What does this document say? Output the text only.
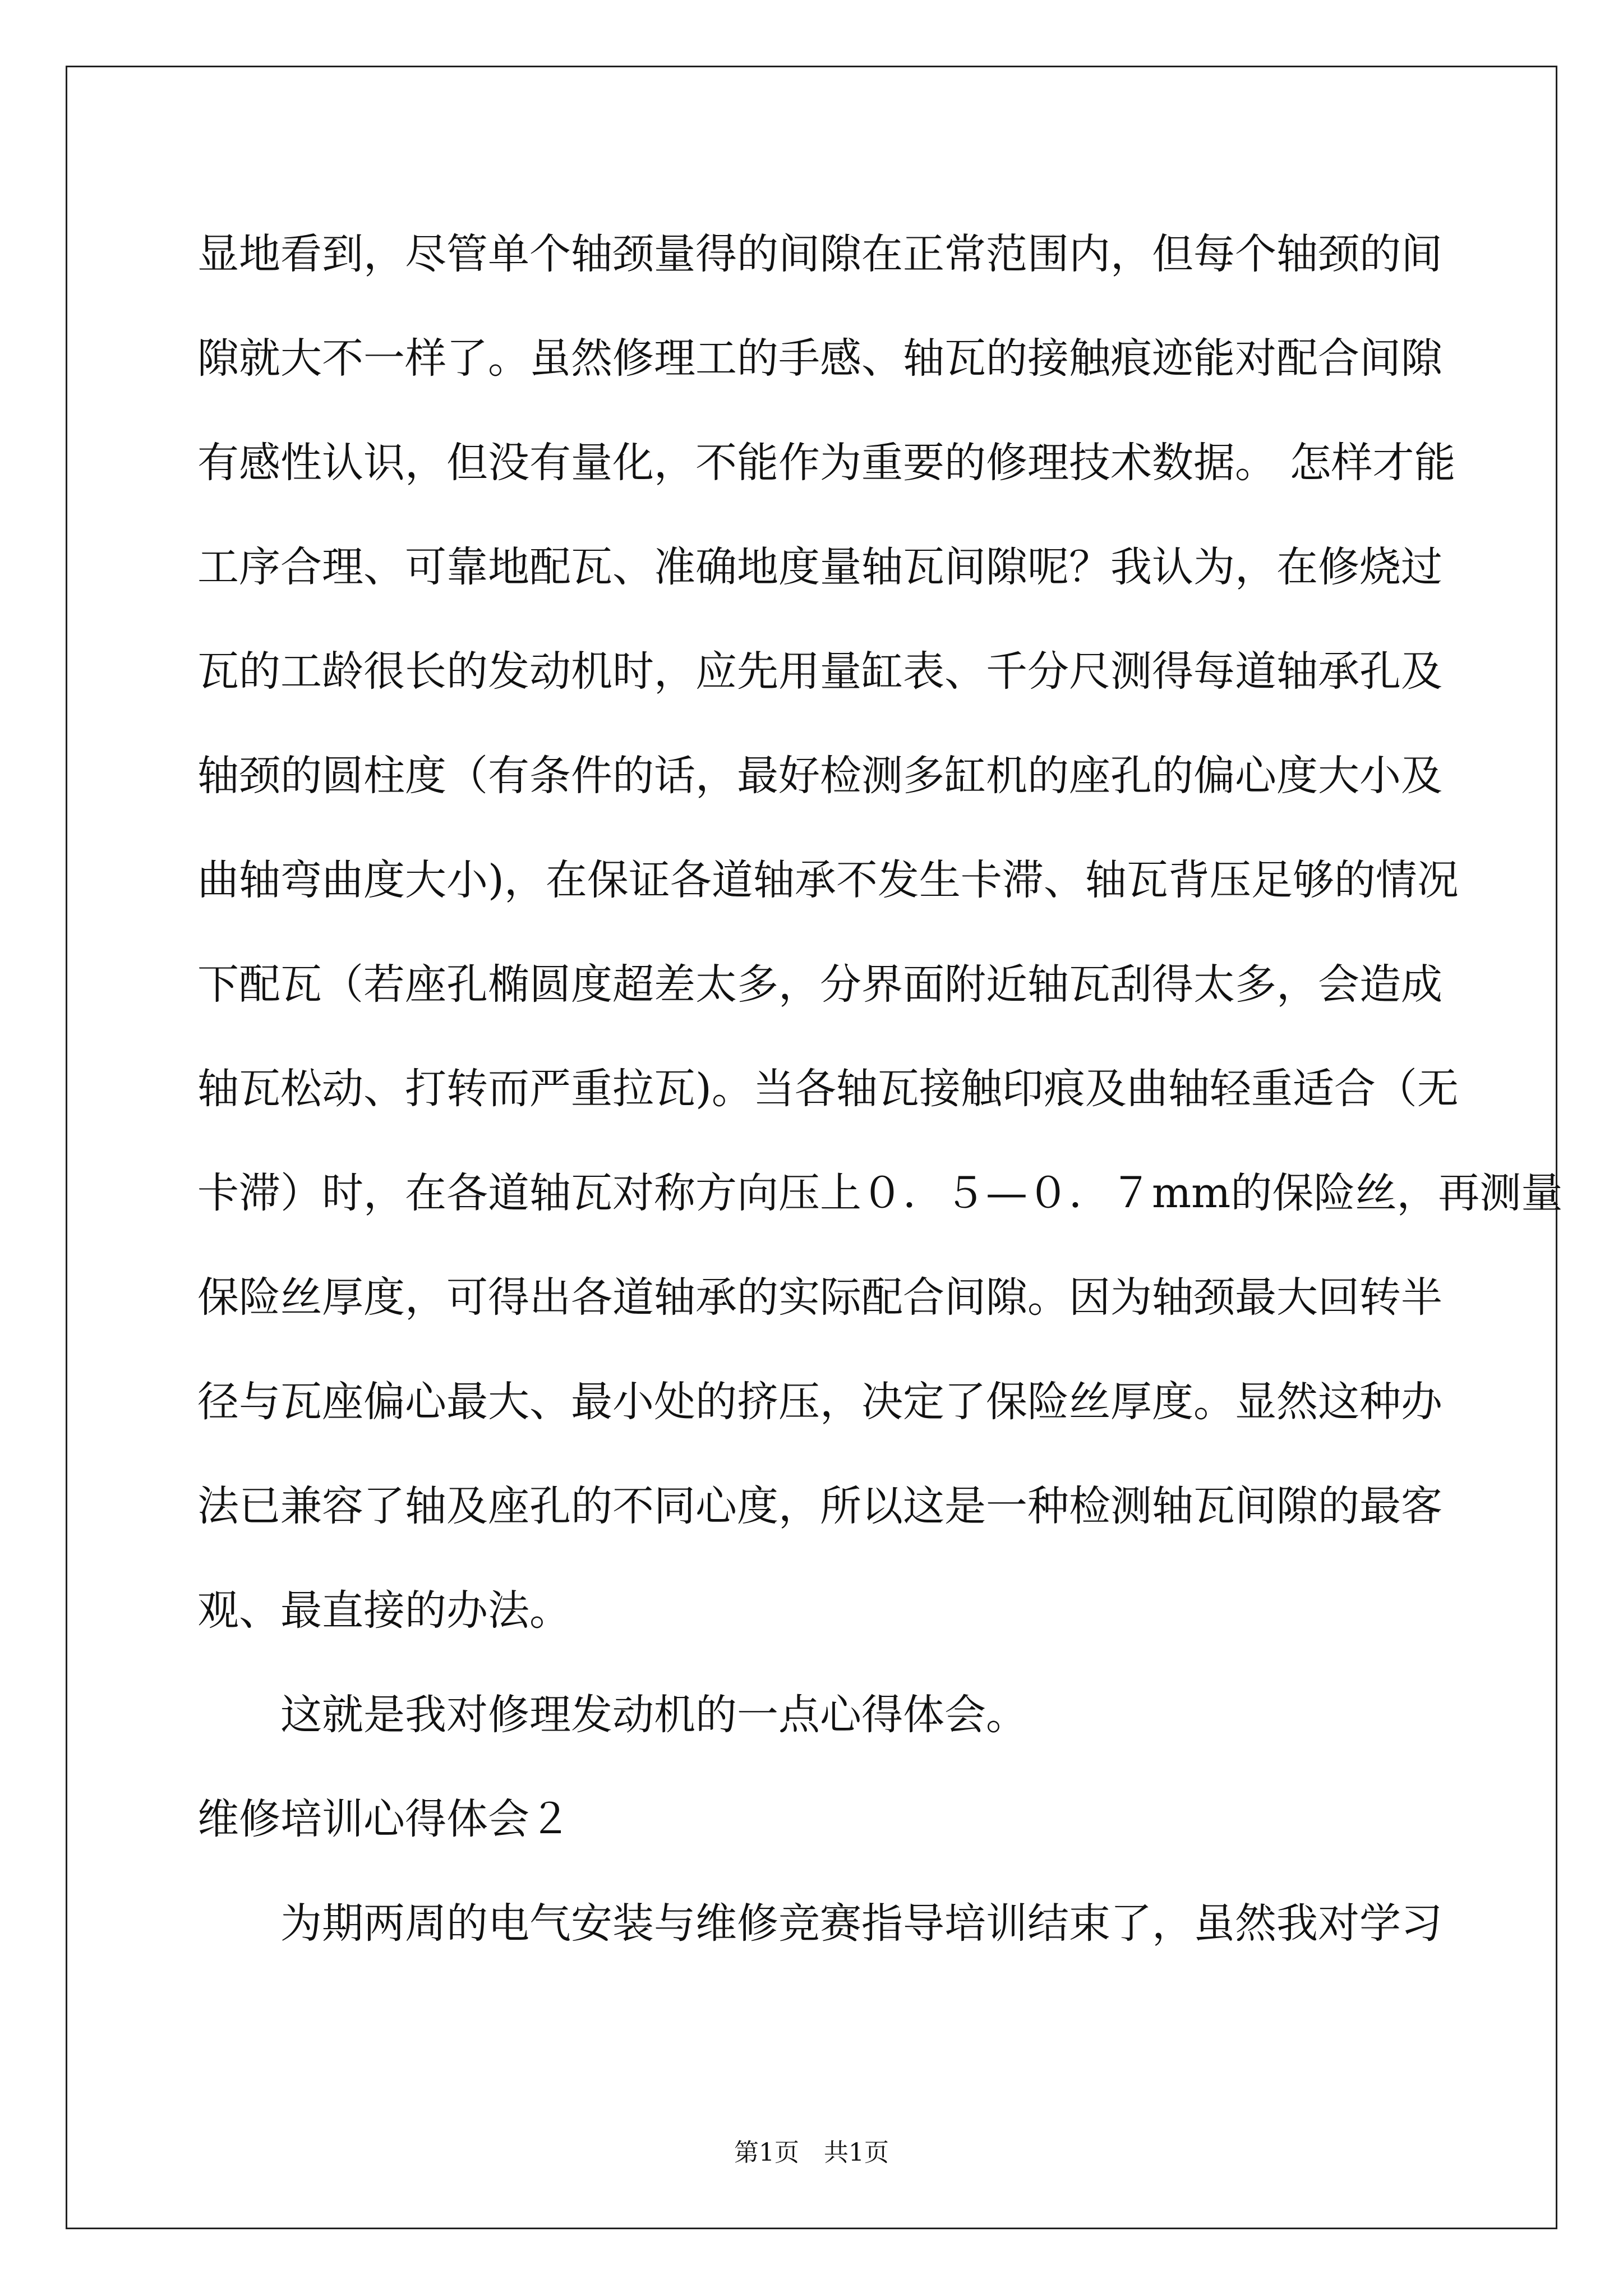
显地看到，尽管单个轴颈量得的间隙在正常范围内，但每个轴颈的间
隙就大不一样了。虽然修理工的手感、轴瓦的接触痕迹能对配合间隙
有感性认识，但没有量化，不能作为重要的修理技术数据。 怎样才能
工序合理、可靠地配瓦、准确地度量轴瓦间隙呢？我认为，在修烧过
瓦的工龄很长的发动机时，应先用量缸表、千分尺测得每道轴承孔及
轴颈的圆柱度（有条件的话，最好检测多缸机的座孔的偏心度大小及
曲轴弯曲度大小)，在保证各道轴承不发生卡滞、轴瓦背压足够的情况
下配瓦（若座孔椭圆度超差太多，分界面附近轴瓦刮得太多，会造成
轴瓦松动、打转而严重拉瓦)。当各轴瓦接触印痕及曲轴轻重适合（无
卡滞）时，在各道轴瓦对称方向压上０．５—０．７mm的保险丝，再测量
保险丝厚度，可得出各道轴承的实际配合间隙。因为轴颈最大回转半
径与瓦座偏心最大、最小处的挤压，决定了保险丝厚度。显然这种办
法已兼容了轴及座孔的不同心度，所以这是一种检测轴瓦间隙的最客
观、最直接的办法。
这就是我对修理发动机的一点心得体会。
维修培训心得体会２
为期两周的电气安装与维修竞赛指导培训结束了，虽然我对学习
第1页　共1页
